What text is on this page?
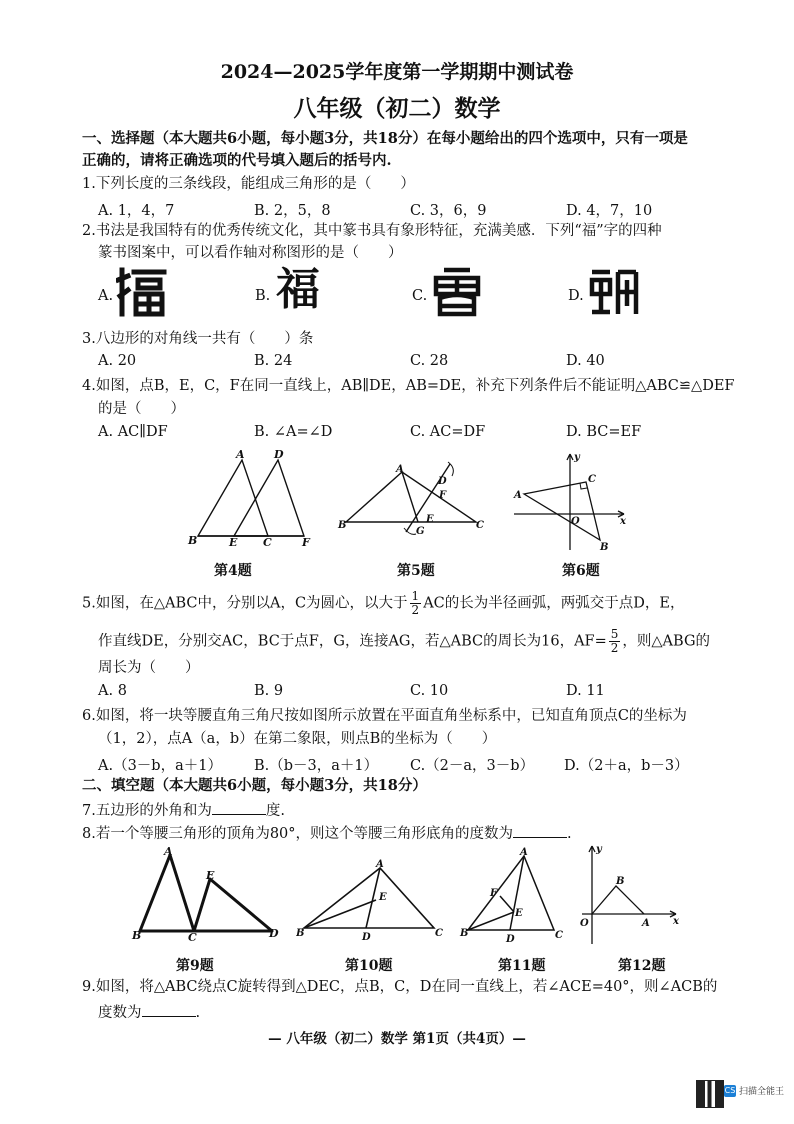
2024—2025学年度第一学期期中测试卷
八年级（初二）数学
一、选择题（本大题共6小题，每小题3分，共18分）在每小题给出的四个选项中，只有一项是
正确的，请将正确选项的代号填入题后的括号内.
1.下列长度的三条线段，能组成三角形的是（　　）
A. 1，4，7	B. 2，5，8	C. 3，6，9	D. 4，7，10
2.书法是我国特有的优秀传统文化，其中篆书具有象形特征，充满美感．下列“福”字的四种
篆书图案中，可以看作轴对称图形的是（　　）
A.	B. 福	C.	D.
3.八边形的对角线一共有（　　）条
A. 20	B. 24	C. 28	D. 40
4.如图，点B，E，C，F在同一直线上，AB∥DE，AB=DE，补充下列条件后不能证明△ABC≌△DEF
的是（　　）
A. AC∥DF	B. ∠A=∠D	C. AC=DF	D. BC=EF
A	D
B	E C	F
第4题
A
D
F
E
G
B	C
第5题
y
C
A
O	x
B
第6题
5.如图，在△ABC中，分别以A，C为圆心，以大于 $\frac{1}{2}$ AC的长为半径画弧，两弧交于点D，E，
作直线DE，分别交AC，BC于点F，G，连接AG，若△ABC的周长为16，$AF= \frac{5}{2}$ ，则△ABG的
周长为（　　）
A. 8	B. 9	C. 10	D. 11
6.如图，将一块等腰直角三角尺按如图所示放置在平面直角坐标系中，已知直角顶点C的坐标为
（1，2），点A（a，b）在第二象限，则点B的坐标为（　　）
A.（3－b，a＋1） B.（b－3，a＋1） C.（2－a，3－b） D.（2＋a，b－3）
二、填空题（本大题共6小题，每小题3分，共18分）
7.五边形的外角和为	度.
8.若一个等腰三角形的顶角为80°，则这个等腰三角形底角的度数为	.
A
E
B	C	D
第9题
A
E
B	D	C
第10题
A
F
E
B
D	C
第11题
y
B
O	A x
第12题
9.如图，将△ABC绕点C旋转得到△DEC，点B，C，D在同一直线上，若∠ACE=40°，则∠ACB的
度数为	.
— 八年级（初二）数学 第1页（共4页）—
CS 扫描全能王
